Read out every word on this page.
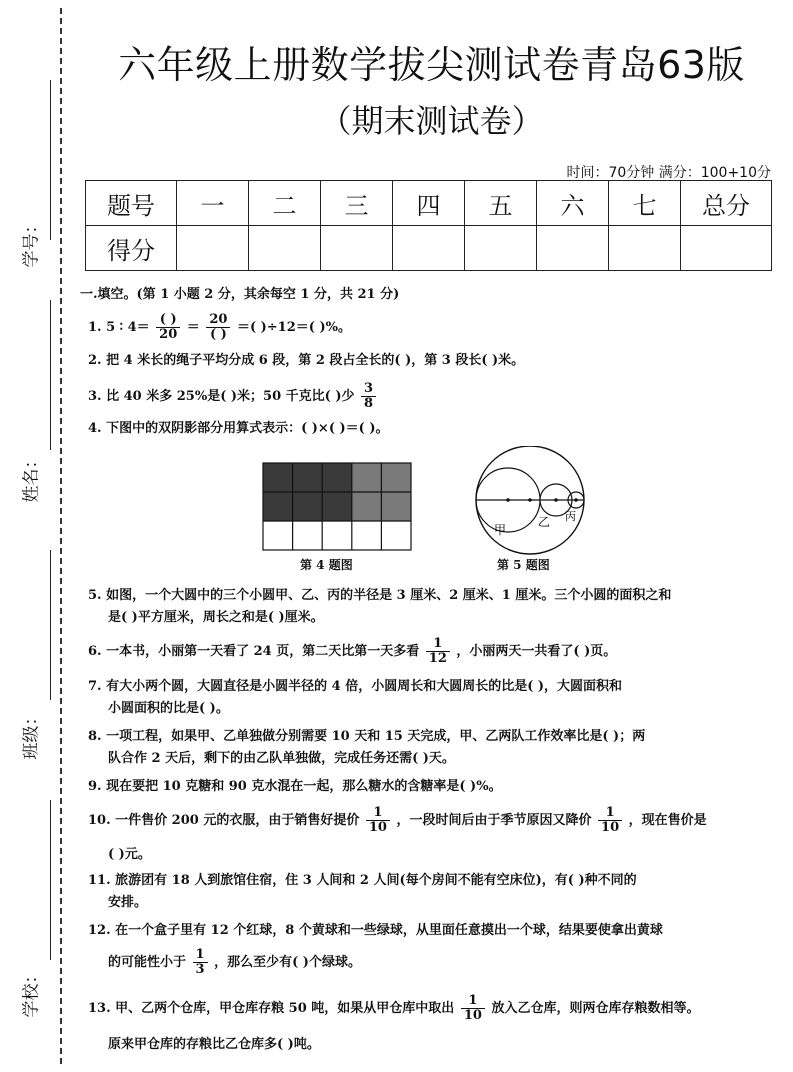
学号：
姓名：
班级：
学校：
六年级上册数学拔尖测试卷青岛63版
（期末测试卷）
时间：70分钟 满分：100+10分
题号	一	二	三	四	五	六	七	总分
得分								
一.填空。(第 1 小题 2 分，其余每空 1 分，共 21 分)
1. 5 ∶ $4= \frac{( )}{20} = \frac{20}{( )}$ ＝( )÷12＝( )%。
2. 把 4 米长的绳子平均分成 6 段，第 2 段占全长的( )，第 3 段长( )米。
3. 比 40 米多 25%是( )米；50 千克比( )少 $\frac{3}{8}$
4. 下图中的双阴影部分用算式表示：( )×( )＝( )。
第 4 题图
甲
乙 丙
第 5 题图
5. 如图，一个大圆中的三个小圆甲、乙、丙的半径是 3 厘米、2 厘米、1 厘米。三个小圆的面积之和
是( )平方厘米，周长之和是( )厘米。
6. 一本书，小丽第一天看了 24 页，第二天比第一天多看 $\frac{1}{12}$ ，小丽两天一共看了( )页。
7. 有大小两个圆，大圆直径是小圆半径的 4 倍，小圆周长和大圆周长的比是( )，大圆面积和
小圆面积的比是( )。
8. 一项工程，如果甲、乙单独做分别需要 10 天和 15 天完成，甲、乙两队工作效率比是( )；两
队合作 2 天后，剩下的由乙队单独做，完成任务还需( )天。
9. 现在要把 10 克糖和 90 克水混在一起，那么糖水的含糖率是( )%。
10. 一件售价 200 元的衣服，由于销售好提价 $\frac{1}{10}$ ，一段时间后由于季节原因又降价 $\frac{1}{10}$ ，现在售价是
( )元。
11. 旅游团有 18 人到旅馆住宿，住 3 人间和 2 人间(每个房间不能有空床位)，有( )种不同的
安排。
12. 在一个盒子里有 12 个红球，8 个黄球和一些绿球，从里面任意摸出一个球，结果要使拿出黄球
的可能性小于 $\frac{1}{3}$ ，那么至少有( )个绿球。
13. 甲、乙两个仓库，甲仓库存粮 50 吨，如果从甲仓库中取出 $\frac{1}{10}$ 放入乙仓库，则两仓库存粮数相等。
原来甲仓库的存粮比乙仓库多( )吨。
